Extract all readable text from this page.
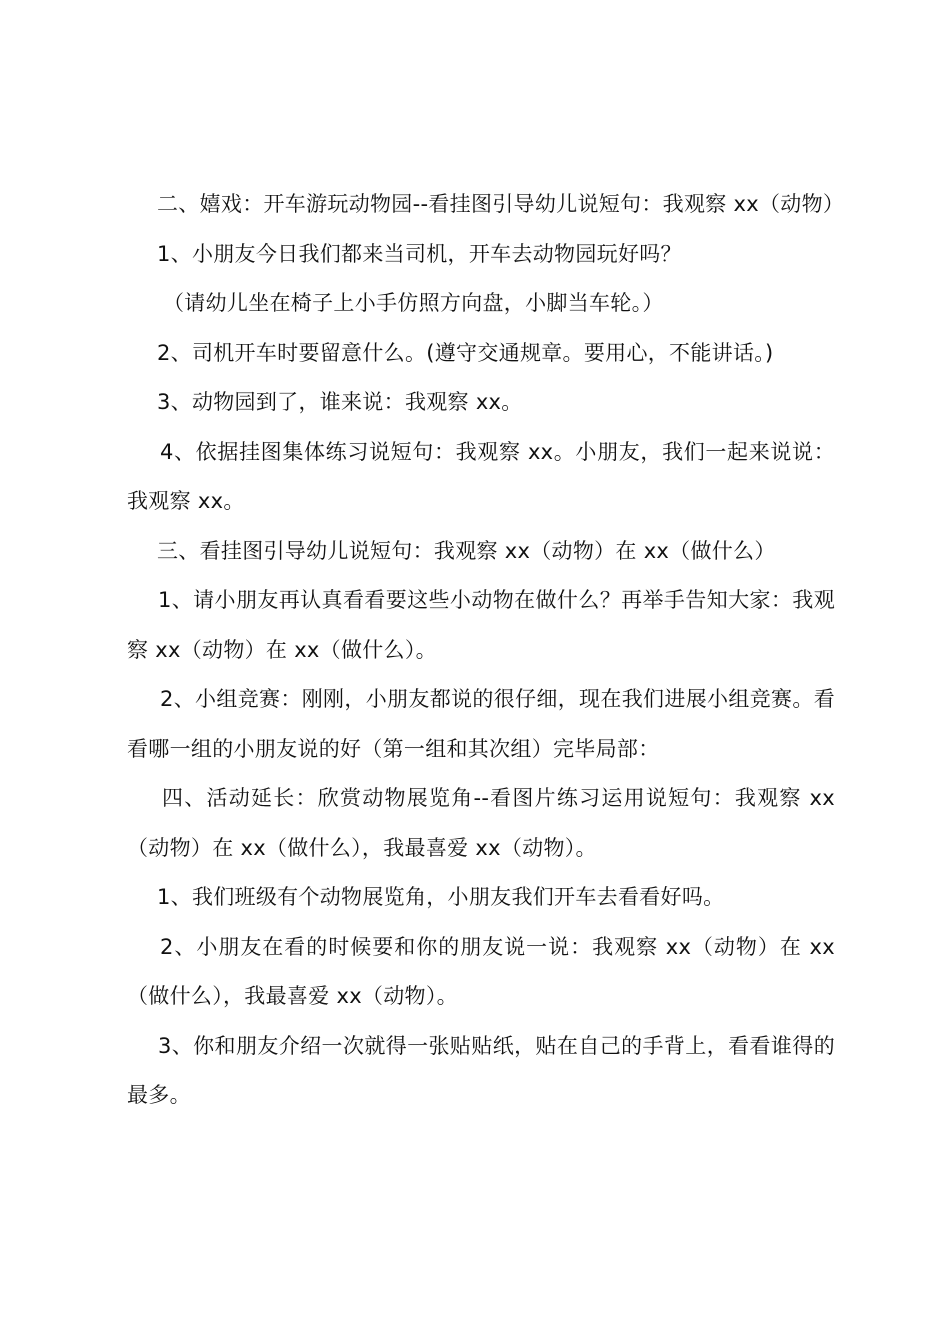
二、嬉戏：开车游玩动物园--看挂图引导幼儿说短句：我观察 xx（动物）

1、小朋友今日我们都来当司机，开车去动物园玩好吗？

（请幼儿坐在椅子上小手仿照方向盘，小脚当车轮。）

2、司机开车时要留意什么。(遵守交通规章。要用心，不能讲话。)

3、动物园到了，谁来说：我观察 xx。

4、依据挂图集体练习说短句：我观察 xx。小朋友，我们一起来说说：我观察 xx。

三、看挂图引导幼儿说短句：我观察 xx（动物）在 xx（做什么）

1、请小朋友再认真看看要这些小动物在做什么？再举手告知大家：我观察 xx（动物）在 xx（做什么）。

2、小组竞赛：刚刚，小朋友都说的很仔细，现在我们进展小组竞赛。看看哪一组的小朋友说的好（第一组和其次组）完毕局部：

四、活动延长：欣赏动物展览角--看图片练习运用说短句：我观察 xx（动物）在 xx（做什么），我最喜爱 xx（动物）。

1、我们班级有个动物展览角，小朋友我们开车去看看好吗。

2、小朋友在看的时候要和你的朋友说一说：我观察 xx（动物）在 xx（做什么），我最喜爱 xx（动物）。

3、你和朋友介绍一次就得一张贴贴纸，贴在自己的手背上，看看谁得的最多。
